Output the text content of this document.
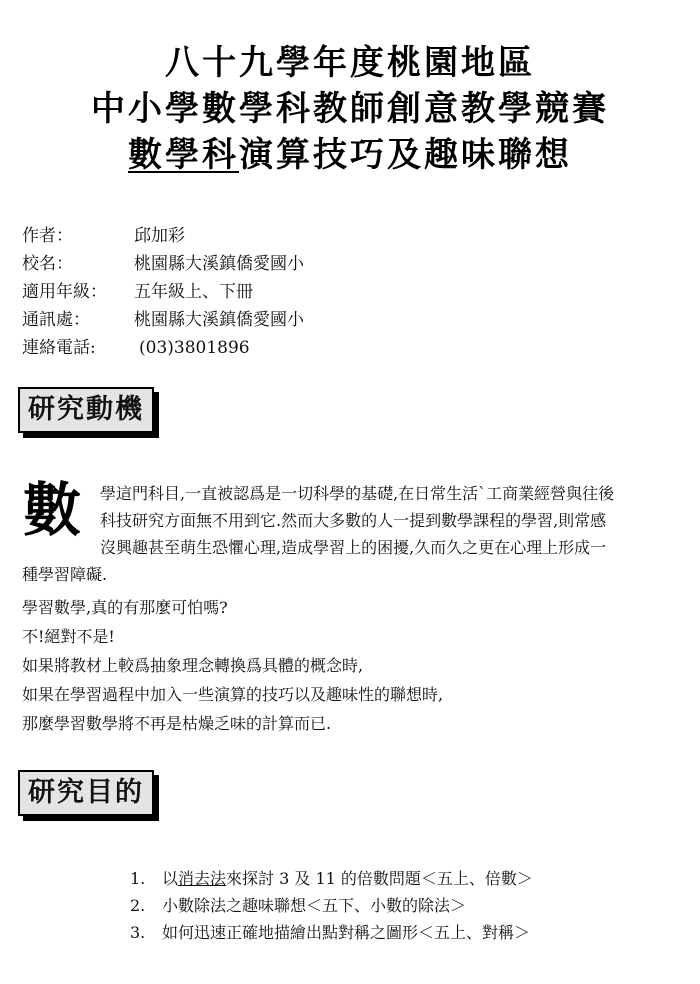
八十九學年度桃園地區
中小學數學科教師創意教學競賽
數學科演算技巧及趣味聯想
作者：	邱加彩
校名：	桃園縣大溪鎮僑愛國小
適用年級：	五年級上、下冊
通訊處：	桃園縣大溪鎮僑愛國小
連絡電話:	(03)3801896
研究動機
數 學這門科目,一直被認爲是一切科學的基礎,在日常生活`工商業經營與往後
科技研究方面無不用到它.然而大多數的人一提到數學課程的學習,則常感
沒興趣甚至萌生恐懼心理,造成學習上的困擾,久而久之更在心理上形成一
種學習障礙.
學習數學,真的有那麼可怕嗎?
不!絕對不是!
如果將教材上較爲抽象理念轉換爲具體的概念時,
如果在學習過程中加入一些演算的技巧以及趣味性的聯想時,
那麼學習數學將不再是枯燥乏味的計算而已.
研究目的
1.	以消去法來探討 3 及 11 的倍數問題＜五上、倍數＞
2.	小數除法之趣味聯想＜五下、小數的除法＞
3.	如何迅速正確地描繪出點對稱之圖形＜五上、對稱＞
